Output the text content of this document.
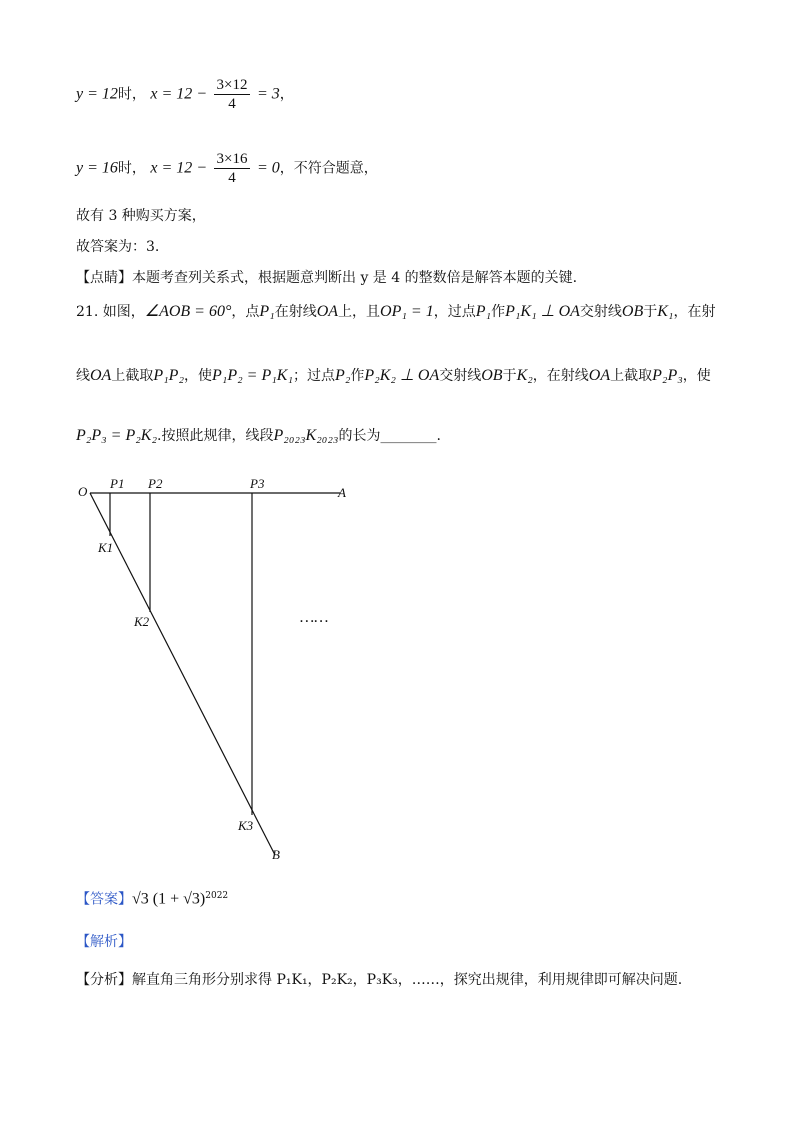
y = 12时， $x = 12 - \frac{3\times 12}{4} = 3$，
y = 16时， $x = 12 - \frac{3\times 16}{4} = 0$，不符合题意，
故有 3 种购买方案，
故答案为：3.
【点睛】本题考查列关系式，根据题意判断出 y 是 4 的整数倍是解答本题的关键.
21. 如图，∠AOB = 60°，点P₁在射线OA上，且OP₁ = 1，过点P₁作P₁K₁ ⊥ OA交射线OB于K₁，在射
线OA上截取P₁P₂，使P₁P₂ = P₁K₁；过点P₂作P₂K₂ ⊥ OA交射线OB于K₂，在射线OA上截取P₂P₃，使
P₂P₃ = P₂K₂.按照此规律，线段P₂₀₂₃K₂₀₂₃的长为________.
O
P1 P2	P3
A
K1
K2
K3
B
……
【答案】√3 $(1 + √3)^{2022}$
【解析】
【分析】解直角三角形分别求得 P₁K₁，P₂K₂，P₃K₃，……，探究出规律，利用规律即可解决问题.
